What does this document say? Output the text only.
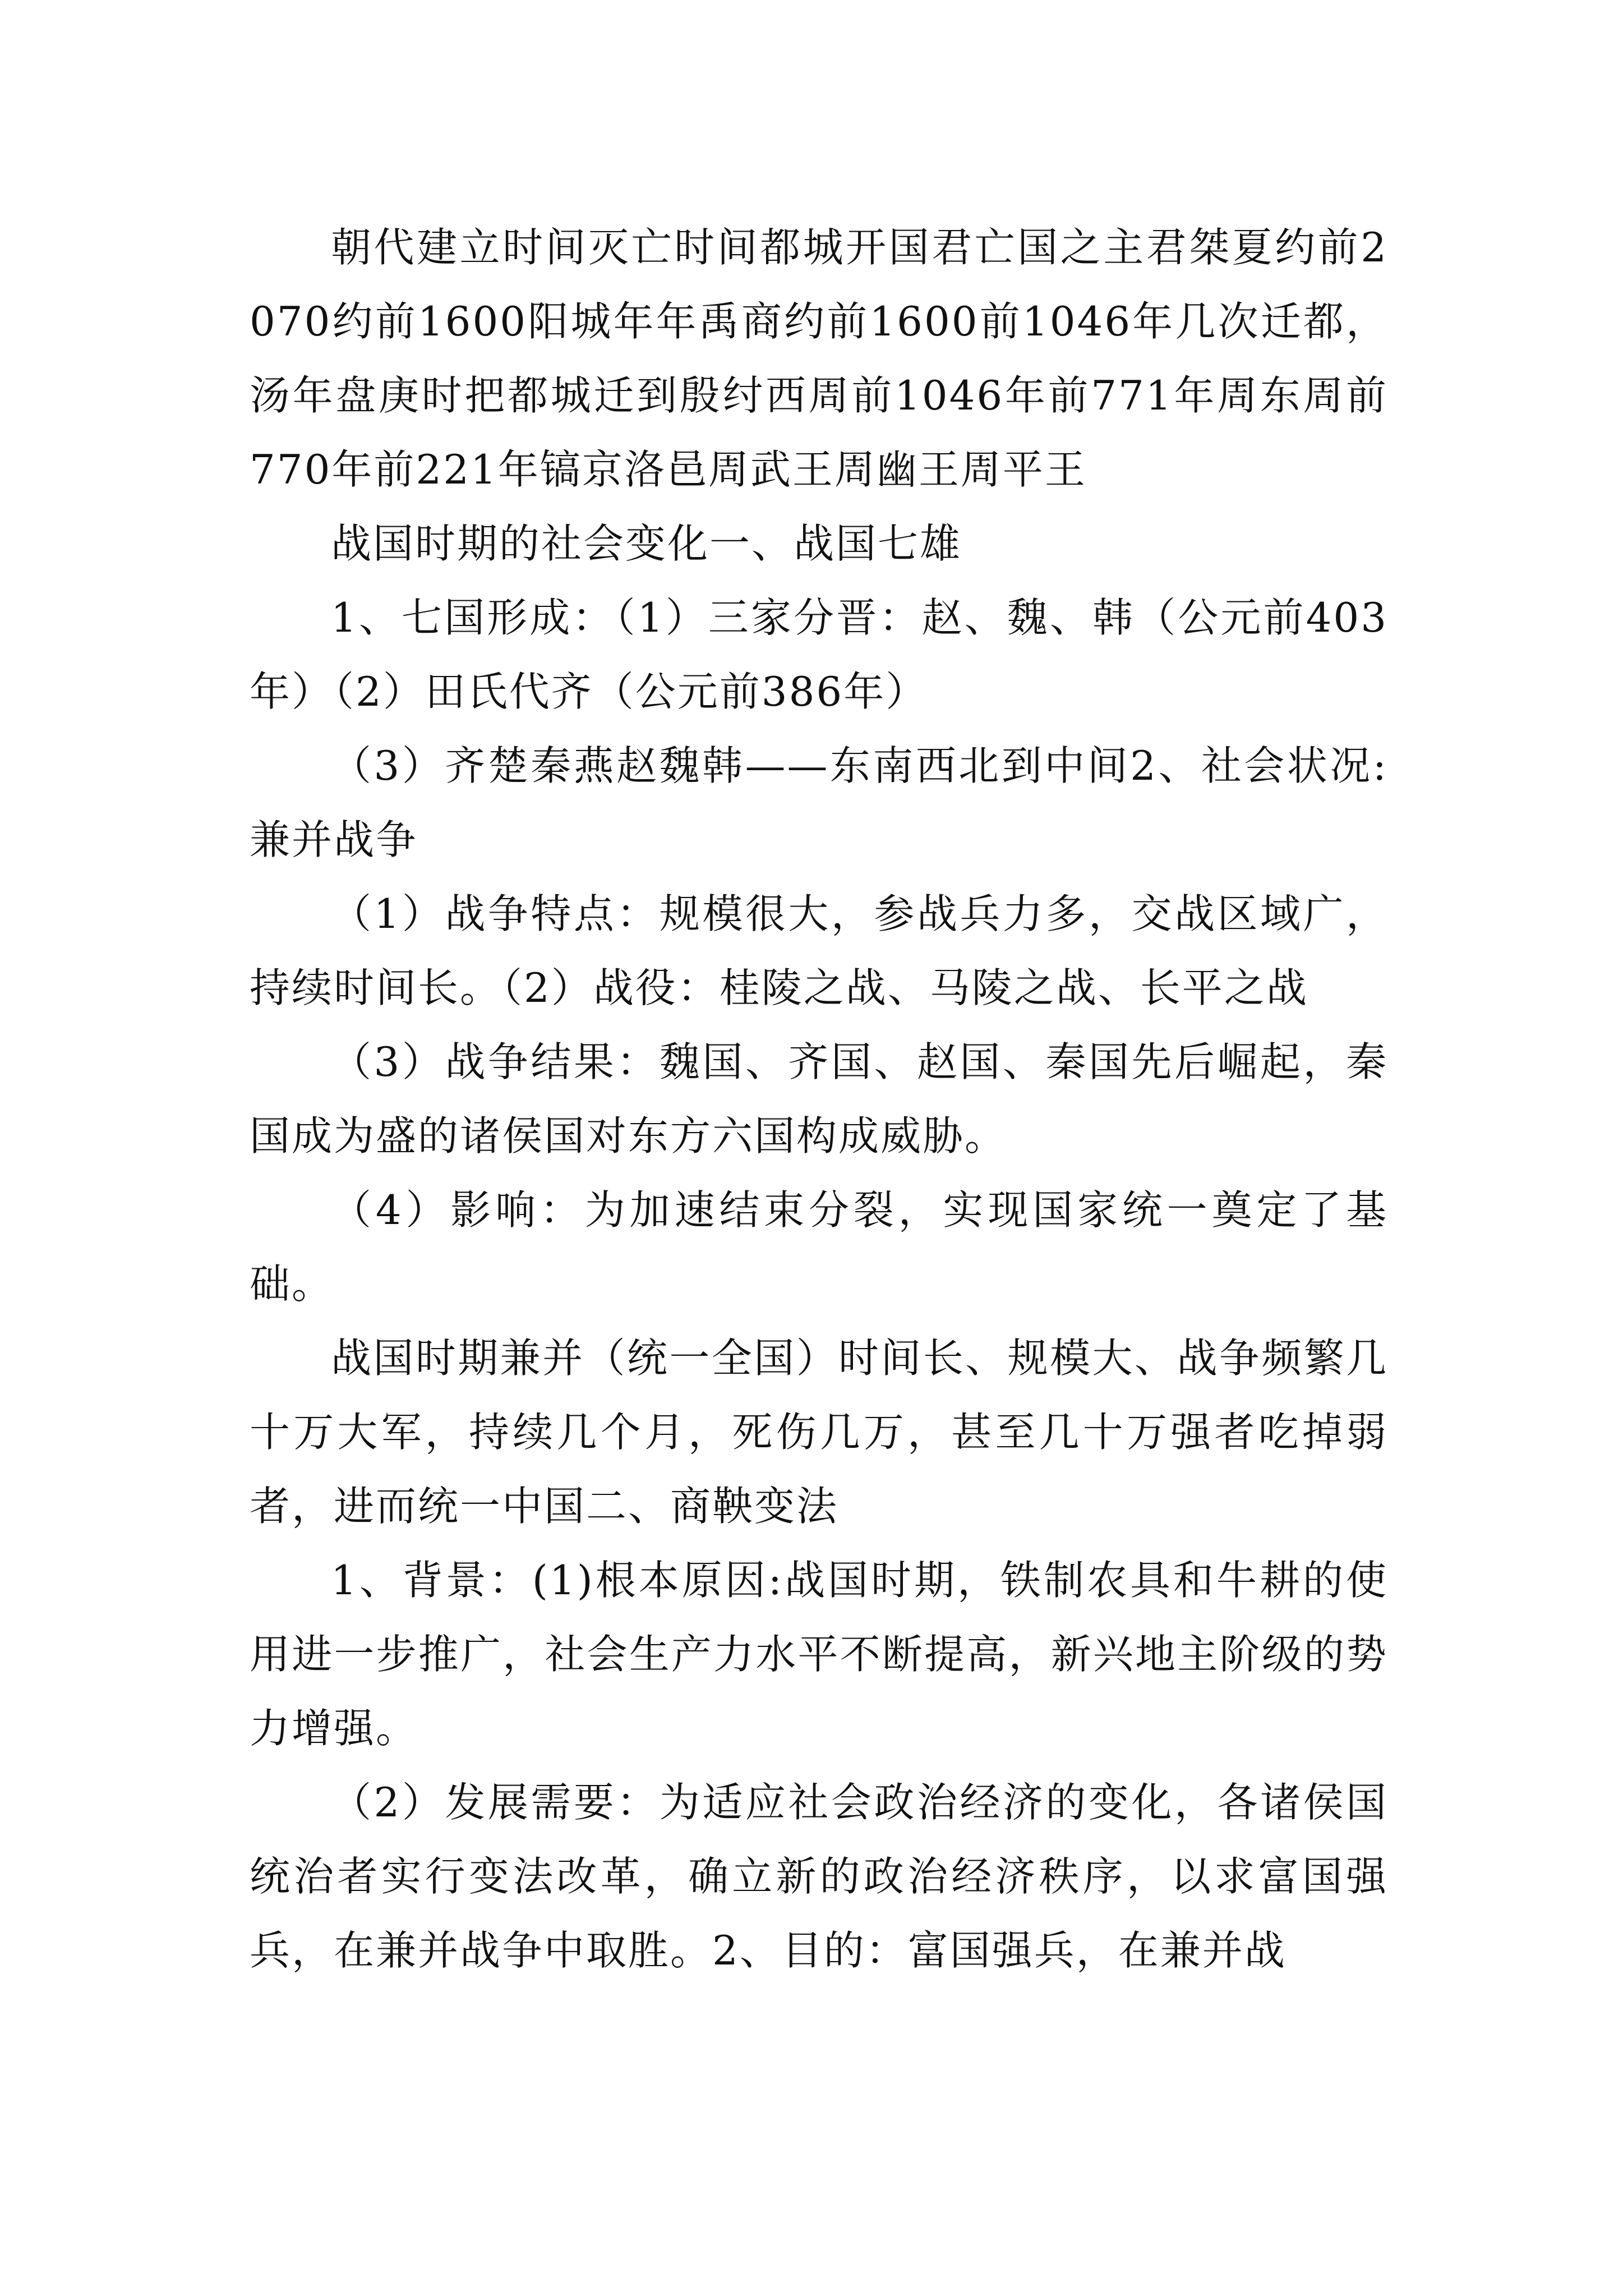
朝代建立时间灭亡时间都城开国君亡国之主君桀夏约前2070约前1600阳城年年禹商约前1600前1046年几次迁都，汤年盘庚时把都城迁到殷纣西周前1046年前771年周东周前770年前221年镐京洛邑周武王周幽王周平王

战国时期的社会变化一、战国七雄

1、七国形成：（1）三家分晋：赵、魏、韩（公元前403年）（2）田氏代齐（公元前386年）

（3）齐楚秦燕赵魏韩——东南西北到中间2、社会状况:兼并战争

（1）战争特点：规模很大，参战兵力多，交战区域广，持续时间长。（2）战役：桂陵之战、马陵之战、长平之战

（3）战争结果：魏国、齐国、赵国、秦国先后崛起，秦国成为盛的诸侯国对东方六国构成威胁。

（4）影响：为加速结束分裂，实现国家统一奠定了基础。

战国时期兼并（统一全国）时间长、规模大、战争频繁几十万大军，持续几个月，死伤几万，甚至几十万强者吃掉弱者，进而统一中国二、商鞅变法

1、背景：(1)根本原因:战国时期，铁制农具和牛耕的使用进一步推广，社会生产力水平不断提高，新兴地主阶级的势力增强。

（2）发展需要：为适应社会政治经济的变化，各诸侯国统治者实行变法改革，确立新的政治经济秩序，以求富国强兵，在兼并战争中取胜。2、目的：富国强兵，在兼并战
